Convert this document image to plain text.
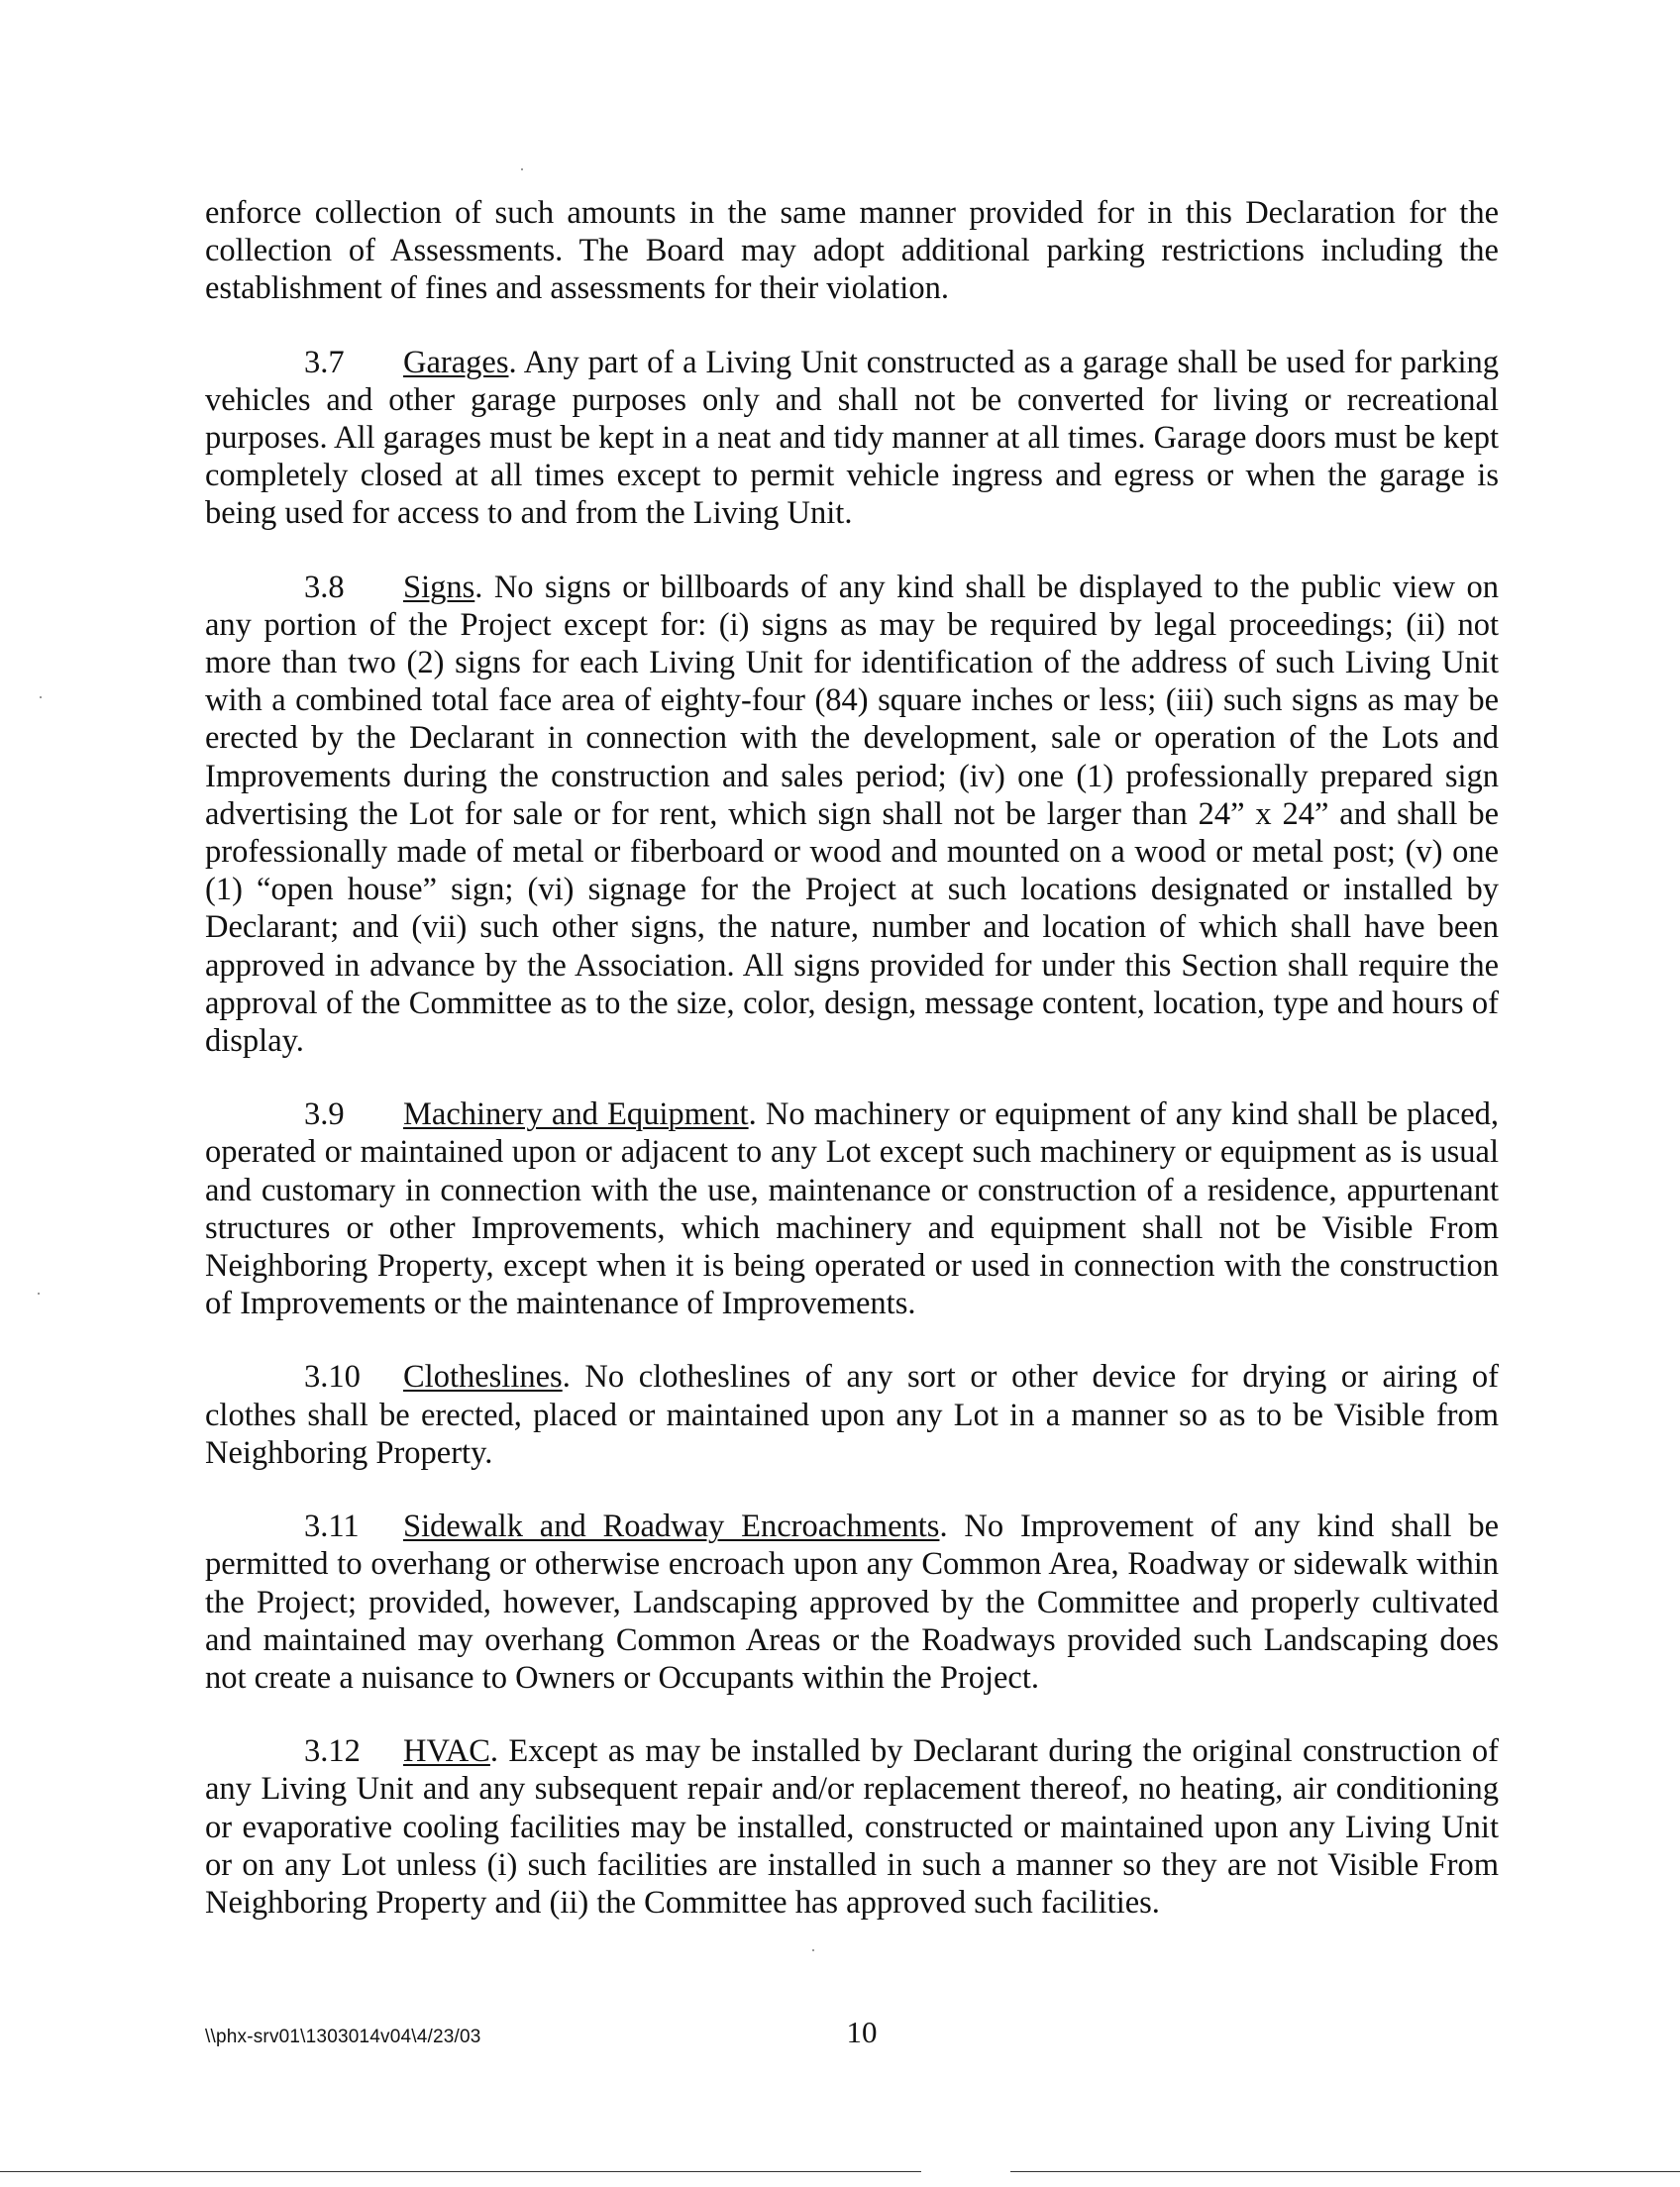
enforce collection of such amounts in the same manner provided for in this Declaration for the collection of Assessments. The Board may adopt additional parking restrictions including the establishment of fines and assessments for their violation.

3.7 Garages. Any part of a Living Unit constructed as a garage shall be used for parking vehicles and other garage purposes only and shall not be converted for living or recreational purposes. All garages must be kept in a neat and tidy manner at all times. Garage doors must be kept completely closed at all times except to permit vehicle ingress and egress or when the garage is being used for access to and from the Living Unit.

3.8 Signs. No signs or billboards of any kind shall be displayed to the public view on any portion of the Project except for: (i) signs as may be required by legal proceedings; (ii) not more than two (2) signs for each Living Unit for identification of the address of such Living Unit with a combined total face area of eighty-four (84) square inches or less; (iii) such signs as may be erected by the Declarant in connection with the development, sale or operation of the Lots and Improvements during the construction and sales period; (iv) one (1) professionally prepared sign advertising the Lot for sale or for rent, which sign shall not be larger than 24” x 24” and shall be professionally made of metal or fiberboard or wood and mounted on a wood or metal post; (v) one (1) “open house” sign; (vi) signage for the Project at such locations designated or installed by Declarant; and (vii) such other signs, the nature, number and location of which shall have been approved in advance by the Association. All signs provided for under this Section shall require the approval of the Committee as to the size, color, design, message content, location, type and hours of display.

3.9 Machinery and Equipment. No machinery or equipment of any kind shall be placed, operated or maintained upon or adjacent to any Lot except such machinery or equipment as is usual and customary in connection with the use, maintenance or construction of a residence, appurtenant structures or other Improvements, which machinery and equipment shall not be Visible From Neighboring Property, except when it is being operated or used in connection with the construction of Improvements or the maintenance of Improvements.

3.10 Clotheslines. No clotheslines of any sort or other device for drying or airing of clothes shall be erected, placed or maintained upon any Lot in a manner so as to be Visible from Neighboring Property.

3.11 Sidewalk and Roadway Encroachments. No Improvement of any kind shall be permitted to overhang or otherwise encroach upon any Common Area, Roadway or sidewalk within the Project; provided, however, Landscaping approved by the Committee and properly cultivated and maintained may overhang Common Areas or the Roadways provided such Landscaping does not create a nuisance to Owners or Occupants within the Project.

3.12 HVAC. Except as may be installed by Declarant during the original construction of any Living Unit and any subsequent repair and/or replacement thereof, no heating, air conditioning or evaporative cooling facilities may be installed, constructed or maintained upon any Living Unit or on any Lot unless (i) such facilities are installed in such a manner so they are not Visible From Neighboring Property and (ii) the Committee has approved such facilities.

\\phx-srv01\1303014v04\4/23/03	10
